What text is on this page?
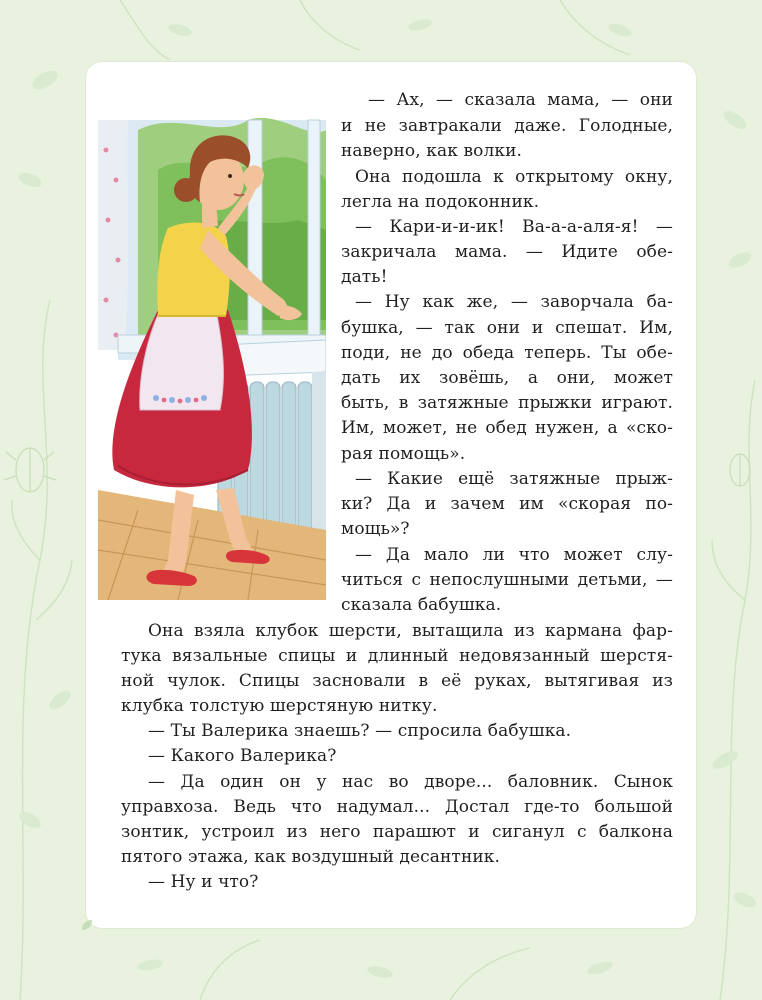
— Ах, — сказала мама, — они
и не завтракали даже. Голодные,
наверно, как волки.
Она подошла к открытому окну,
легла на подоконник.
— Кари-и-и-ик! Ва-а-а-аля-я! —
закричала мама. — Идите обе-
дать!
— Ну как же, — заворчала ба-
бушка, — так они и спешат. Им,
поди, не до обеда теперь. Ты обе-
дать их зовёшь, а они, может
быть, в затяжные прыжки играют.
Им, может, не обед нужен, а «ско-
рая помощь».
— Какие ещё затяжные прыж-
ки? Да и зачем им «скорая по-
мощь»?
— Да мало ли что может слу-
читься с непослушными детьми, —
сказала бабушка.
Она взяла клубок шерсти, вытащила из кармана фар-
тука вязальные спицы и длинный недовязанный шерстя-
ной чулок. Спицы засновали в её руках, вытягивая из
клубка толстую шерстяную нитку.
— Ты Валерика знаешь? — спросила бабушка.
— Какого Валерика?
— Да один он у нас во дворе... баловник. Сынок
управхоза. Ведь что надумал... Достал где-то большой
зонтик, устроил из него парашют и сиганул с балкона
пятого этажа, как воздушный десантник.
— Ну и что?
